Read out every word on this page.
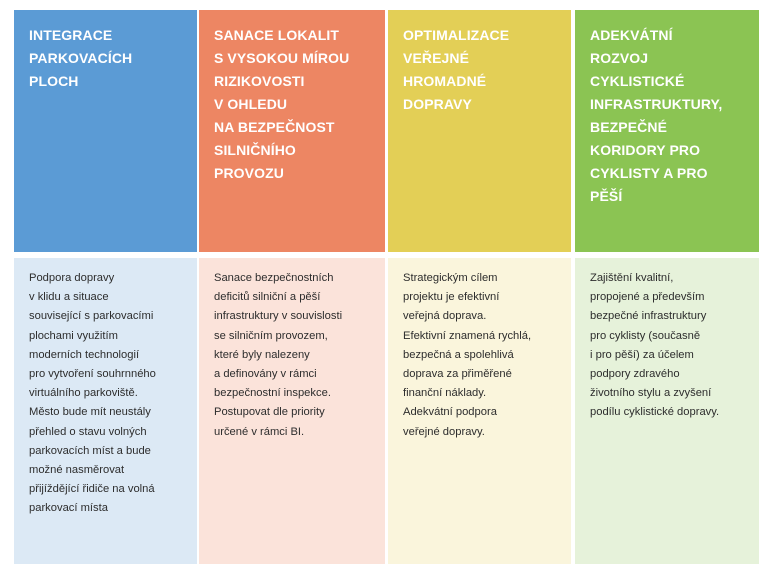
INTEGRACE
PARKOVACÍCH
PLOCH

Podpora dopravy
v klidu a situace
související s parkovacími
plochami využitím
moderních technologií
pro vytvoření souhrnného
virtuálního parkoviště.
Město bude mít neustály
přehled o stavu volných
parkovacích míst a bude
možné nasměrovat
přijíždějící řidiče na volná
parkovací místa

SANACE LOKALIT
S VYSOKOU MÍROU
RIZIKOVOSTI
V OHLEDU
NA BEZPEČNOST
SILNIČNÍHO
PROVOZU

Sanace bezpečnostních
deficitů silniční a pěší
infrastruktury v souvislosti
se silničním provozem,
které byly nalezeny
a definovány v rámci
bezpečnostní inspekce.
Postupovat dle priority
určené v rámci BI.

OPTIMALIZACE
VEŘEJNÉ
HROMADNÉ
DOPRAVY

Strategickým cílem
projektu je efektivní
veřejná doprava.
Efektivní znamená rychlá,
bezpečná a spolehlivá
doprava za přiměřené
finanční náklady.
Adekvátní podpora
veřejné dopravy.

ADEKVÁTNÍ
ROZVOJ
CYKLISTICKÉ
INFRASTRUKTURY,
BEZPEČNÉ
KORIDORY PRO
CYKLISTY A PRO
PĚŠÍ

Zajištění kvalitní,
propojené a především
bezpečné infrastruktury
pro cyklisty (současně
i pro pěší) za účelem
podpory zdravého
životního stylu a zvyšení
podílu cyklistické dopravy.
